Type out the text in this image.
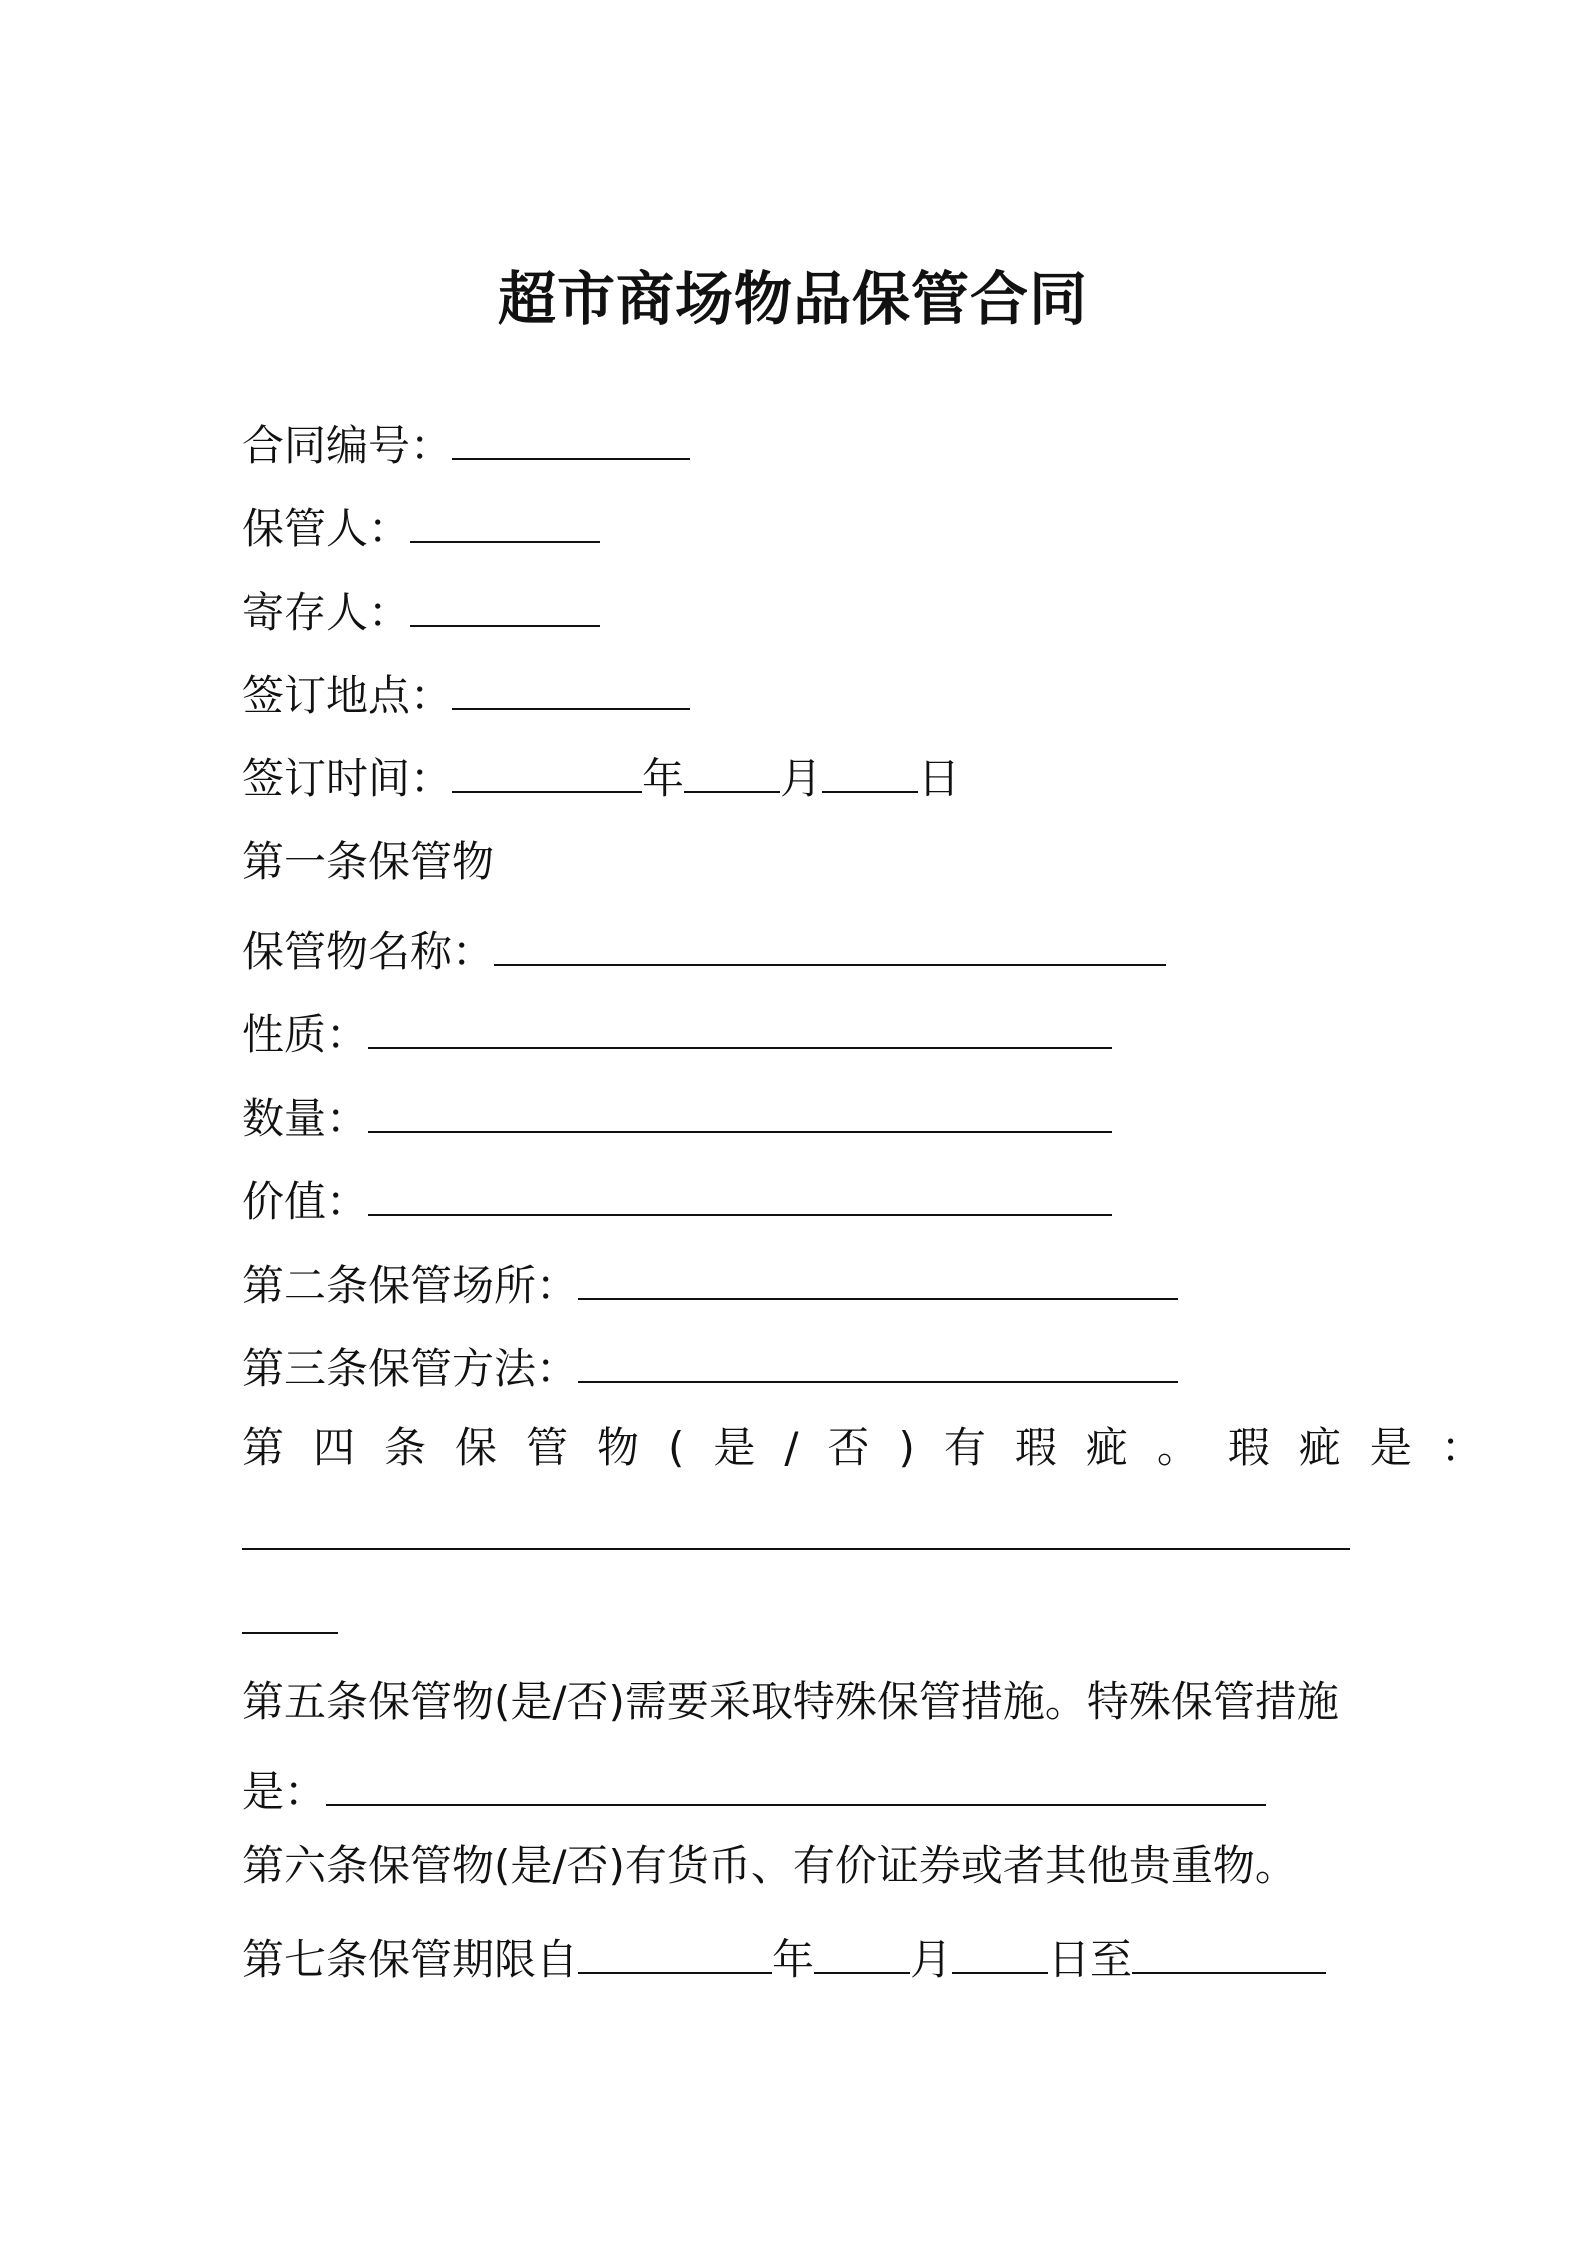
超市商场物品保管合同
合同编号：
保管人：
寄存人：
签订地点：
签订时间：	年 月 日
第一条保管物
保管物名称：
性质：
数量：
价值：
第二条保管场所：
第三条保管方法：
第四条保管物(是/否)有瑕疵。瑕疵是：
第五条保管物(是/否)需要采取特殊保管措施。特殊保管措施
是：
第六条保管物(是/否)有货币、有价证券或者其他贵重物。
第七条保管期限自	年 月 日至
